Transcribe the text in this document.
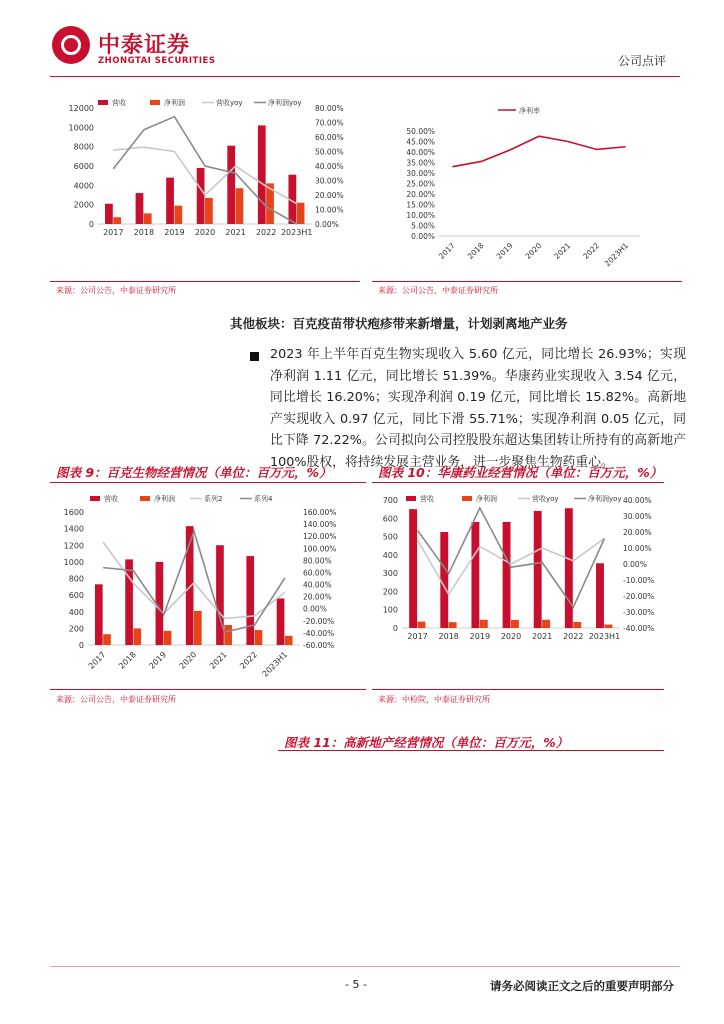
中泰证券
ZHONGTAI SECURITIES	公司点评
营收	净利润	营收yoy	净利润yoy
0
2000
4000
6000
8000
10000
12000
0.00%
10.00%
20.00%
30.00%
40.00%
50.00%
60.00%
70.00%
80.00%
2017 2018 2019 2020 2021 2022 2023H1
来源：公司公告，中泰证券研究所
净利率
0.00%
5.00%
10.00%
15.00%
20.00%
25.00%
30.00%
35.00%
40.00%
45.00%
50.00%
2017 2018 2019 2020 2021 2022 2023H1
来源：公司公告，中泰证券研究所
其他板块：百克疫苗带状疱疹带来新增量，计划剥离地产业务
2023 年上半年百克生物实现收入 5.60 亿元，同比增长 26.93%；实现净利润 1.11 亿元，同比增长 51.39%。华康药业实现收入 3.54 亿元，同比增长 16.20%；实现净利润 0.19 亿元，同比增长 15.82%。高新地产实现收入 0.97 亿元，同比下滑 55.71%；实现净利润 0.05 亿元，同比下降 72.22%。公司拟向公司控股股东超达集团转让所持有的高新地产 100%股权，将持续发展主营业务，进一步聚焦生物药重心。
图表 9：百克生物经营情况（单位：百万元，%）
营收	净利润	系列2	系列4
0
200
400
600
800
1000
1200
1400
1600
-60.00%
-40.00%
-20.00%
0.00%
20.00%
40.00%
60.00%
80.00%
100.00%
120.00%
140.00%
160.00%
2017 2018 2019 2020 2021 2022 2023H1
来源：公司公告，中泰证券研究所
图表 10：华康药业经营情况（单位：百万元，%）
营收	净利润	营收yoy	净利润yoy
0
100
200
300
400
500
600
700
-40.00%
-30.00%
-20.00%
-10.00%
0.00%
10.00%
20.00%
30.00%
40.00%
2017 2018 2019 2020 2021 2022 2023H1
来源：中检院，中泰证券研究所
图表 11：高新地产经营情况（单位：百万元，%）
- 5 -	请务必阅读正文之后的重要声明部分
